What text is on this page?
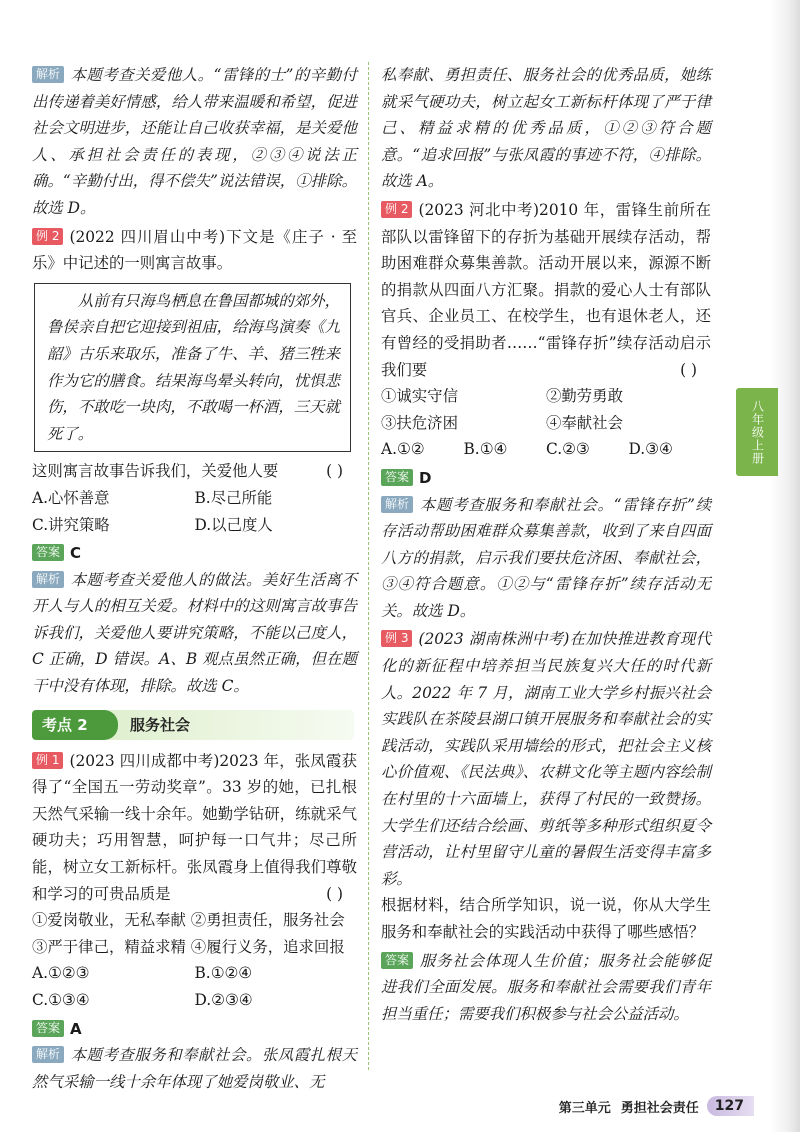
解析 本题考查关爱他人。“雷锋的士”的辛勤付出传递着美好情感，给人带来温暖和希望，促进社会文明进步，还能让自己收获幸福，是关爱他人、承担社会责任的表现，②③④说法正确。“辛勤付出，得不偿失”说法错误，①排除。故选 D。

例 2 (2022 四川眉山中考)下文是《庄子 · 至乐》中记述的一则寓言故事。

从前有只海鸟栖息在鲁国都城的郊外，鲁侯亲自把它迎接到祖庙，给海鸟演奏《九韶》古乐来取乐，准备了牛、羊、猪三牲来作为它的膳食。结果海鸟晕头转向，忧惧悲伤，不敢吃一块肉，不敢喝一杯酒，三天就死了。

这则寓言故事告诉我们，关爱他人要	( )

A.心怀善意	B.尽己所能
C.讲究策略	D.以己度人

答案 C

解析 本题考查关爱他人的做法。美好生活离不开人与人的相互关爱。材料中的这则寓言故事告诉我们，关爱他人要讲究策略，不能以己度人，C 正确，D 错误。A、B 观点虽然正确，但在题干中没有体现，排除。故选 C。

考点 2	服务社会

例 1 (2023 四川成都中考)2023 年，张凤霞获得了“全国五一劳动奖章”。33 岁的她，已扎根天然气采输一线十余年。她勤学钻研，练就采气硬功夫；巧用智慧，呵护每一口气井；尽己所能，树立女工新标杆。张凤霞身上值得我们尊敬和学习的可贵品质是	( )

①爱岗敬业，无私奉献 ②勇担责任，服务社会

③严于律己，精益求精 ④履行义务，追求回报

A.①②③	B.①②④
C.①③④	D.②③④

答案 A

解析 本题考查服务和奉献社会。张凤霞扎根天然气采输一线十余年体现了她爱岗敬业、无

私奉献、勇担责任、服务社会的优秀品质，她练就采气硬功夫，树立起女工新标杆体现了严于律己、精益求精的优秀品质，①②③符合题意。“追求回报”与张凤霞的事迹不符，④排除。故选 A。

例 2 (2023 河北中考)2010 年，雷锋生前所在部队以雷锋留下的存折为基础开展续存活动，帮助困难群众募集善款。活动开展以来，源源不断的捐款从四面八方汇聚。捐款的爱心人士有部队官兵、企业员工、在校学生，也有退休老人，还有曾经的受捐助者……“雷锋存折”续存活动启示我们要	( )

①诚实守信	②勤劳勇敢
③扶危济困	④奉献社会
A.①②	B.①④	C.②③	D.③④

答案 D

解析 本题考查服务和奉献社会。“雷锋存折”续存活动帮助困难群众募集善款，收到了来自四面八方的捐款，启示我们要扶危济困、奉献社会，③④符合题意。①②与“雷锋存折”续存活动无关。故选 D。

例 3 (2023 湖南株洲中考)在加快推进教育现代化的新征程中培养担当民族复兴大任的时代新人。2022 年 7 月，湖南工业大学乡村振兴社会实践队在茶陵县湖口镇开展服务和奉献社会的实践活动，实践队采用墙绘的形式，把社会主义核心价值观、《民法典》、农耕文化等主题内容绘制在村里的十六面墙上，获得了村民的一致赞扬。大学生们还结合绘画、剪纸等多种形式组织夏令营活动，让村里留守儿童的暑假生活变得丰富多彩。

根据材料，结合所学知识，说一说，你从大学生服务和奉献社会的实践活动中获得了哪些感悟？

答案 服务社会体现人生价值；服务社会能够促进我们全面发展。服务和奉献社会需要我们青年担当重任；需要我们积极参与社会公益活动。

八年级上册
第三单元 勇担社会责任	127
